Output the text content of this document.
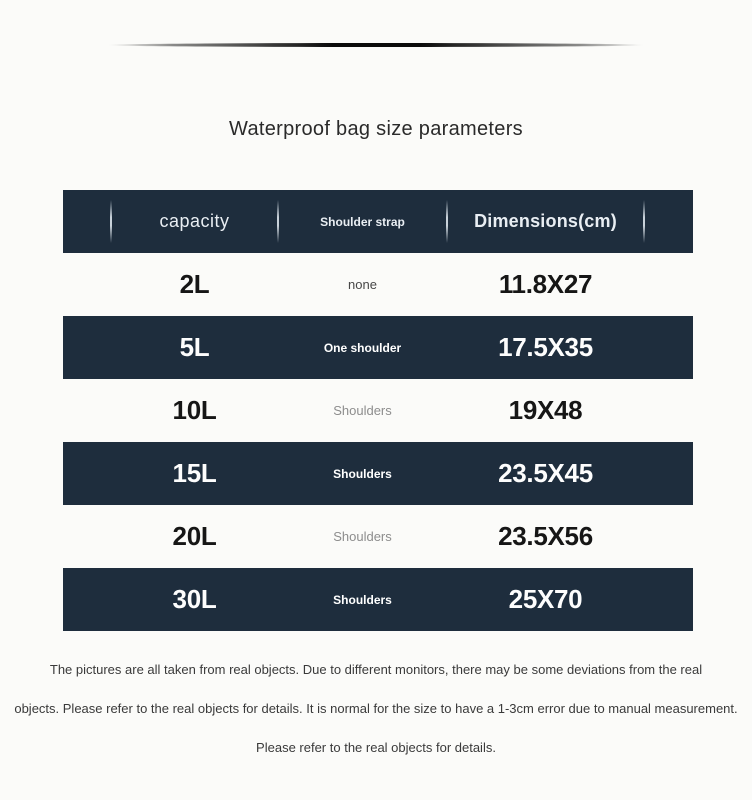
Waterproof bag size parameters
capacity	Shoulder strap	Dimensions(cm)
2L	none	11.8X27
5L	One shoulder	17.5X35
10L	Shoulders	19X48
15L	Shoulders	23.5X45
20L	Shoulders	23.5X56
30L	Shoulders	25X70
The pictures are all taken from real objects. Due to different monitors, there may be some deviations from the real
objects. Please refer to the real objects for details. It is normal for the size to have a 1-3cm error due to manual measurement.
Please refer to the real objects for details.
